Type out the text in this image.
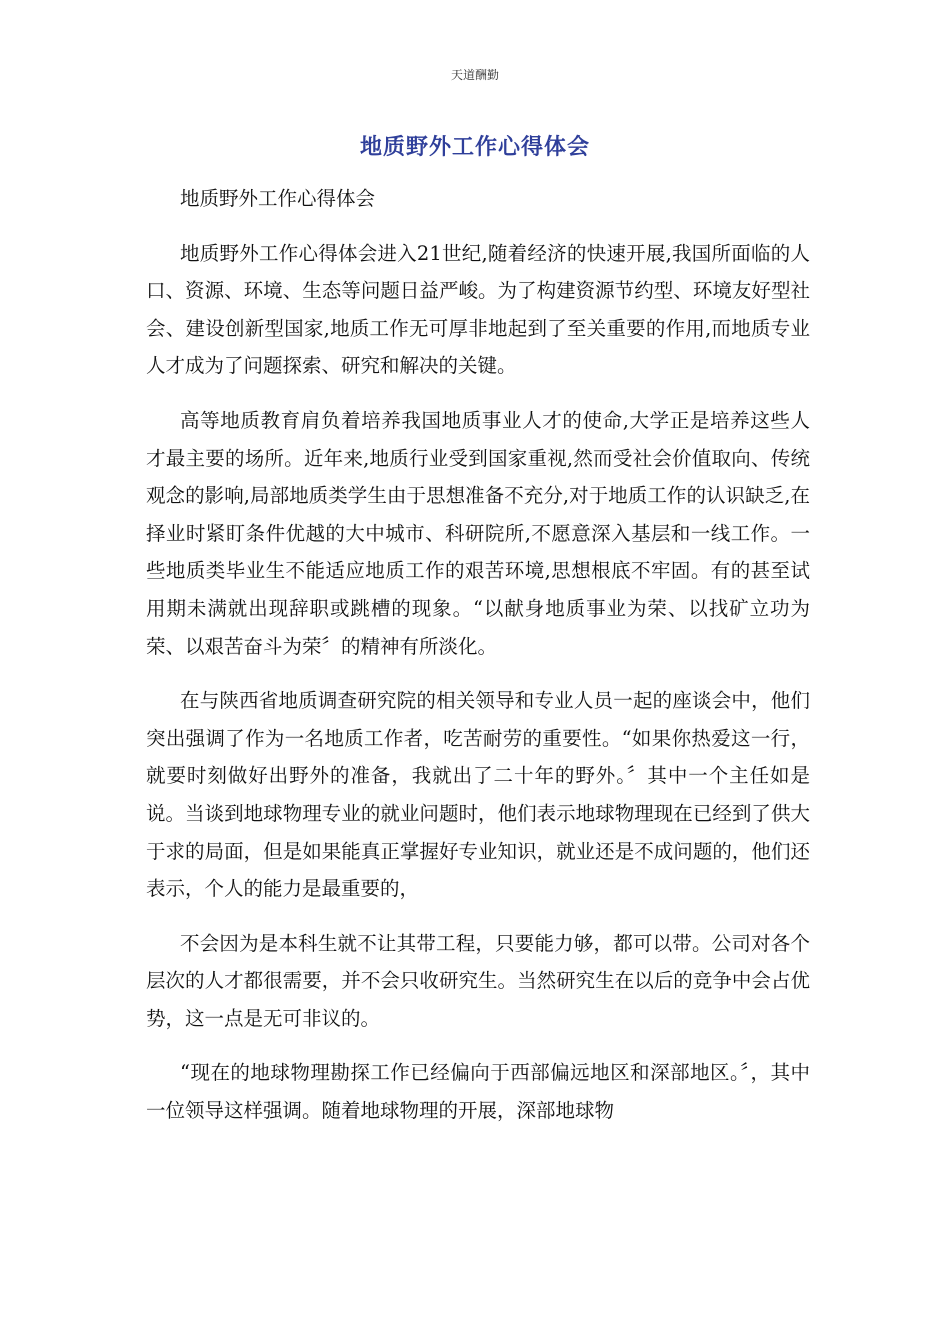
天道酬勤
地质野外工作心得体会

地质野外工作心得体会

地质野外工作心得体会进入21世纪,随着经济的快速开展,我国所面临的人口、资源、环境、生态等问题日益严峻。为了构建资源节约型、环境友好型社会、建设创新型国家,地质工作无可厚非地起到了至关重要的作用,而地质专业人才成为了问题探索、研究和解决的关键。

高等地质教育肩负着培养我国地质事业人才的使命,大学正是培养这些人才最主要的场所。近年来,地质行业受到国家重视,然而受社会价值取向、传统观念的影响,局部地质类学生由于思想准备不充分,对于地质工作的认识缺乏,在择业时紧盯条件优越的大中城市、科研院所,不愿意深入基层和一线工作。一些地质类毕业生不能适应地质工作的艰苦环境,思想根底不牢固。有的甚至试用期未满就出现辞职或跳槽的现象。“以献身地质事业为荣、以找矿立功为荣、以艰苦奋斗为荣〞的精神有所淡化。

在与陕西省地质调查研究院的相关领导和专业人员一起的座谈会中，他们突出强调了作为一名地质工作者，吃苦耐劳的重要性。“如果你热爱这一行，就要时刻做好出野外的准备，我就出了二十年的野外。〞其中一个主任如是说。当谈到地球物理专业的就业问题时，他们表示地球物理现在已经到了供大于求的局面，但是如果能真正掌握好专业知识，就业还是不成问题的，他们还表示，个人的能力是最重要的，

不会因为是本科生就不让其带工程，只要能力够，都可以带。公司对各个层次的人才都很需要，并不会只收研究生。当然研究生在以后的竞争中会占优势，这一点是无可非议的。

“现在的地球物理勘探工作已经偏向于西部偏远地区和深部地区。〞，其中一位领导这样强调。随着地球物理的开展，深部地球物
